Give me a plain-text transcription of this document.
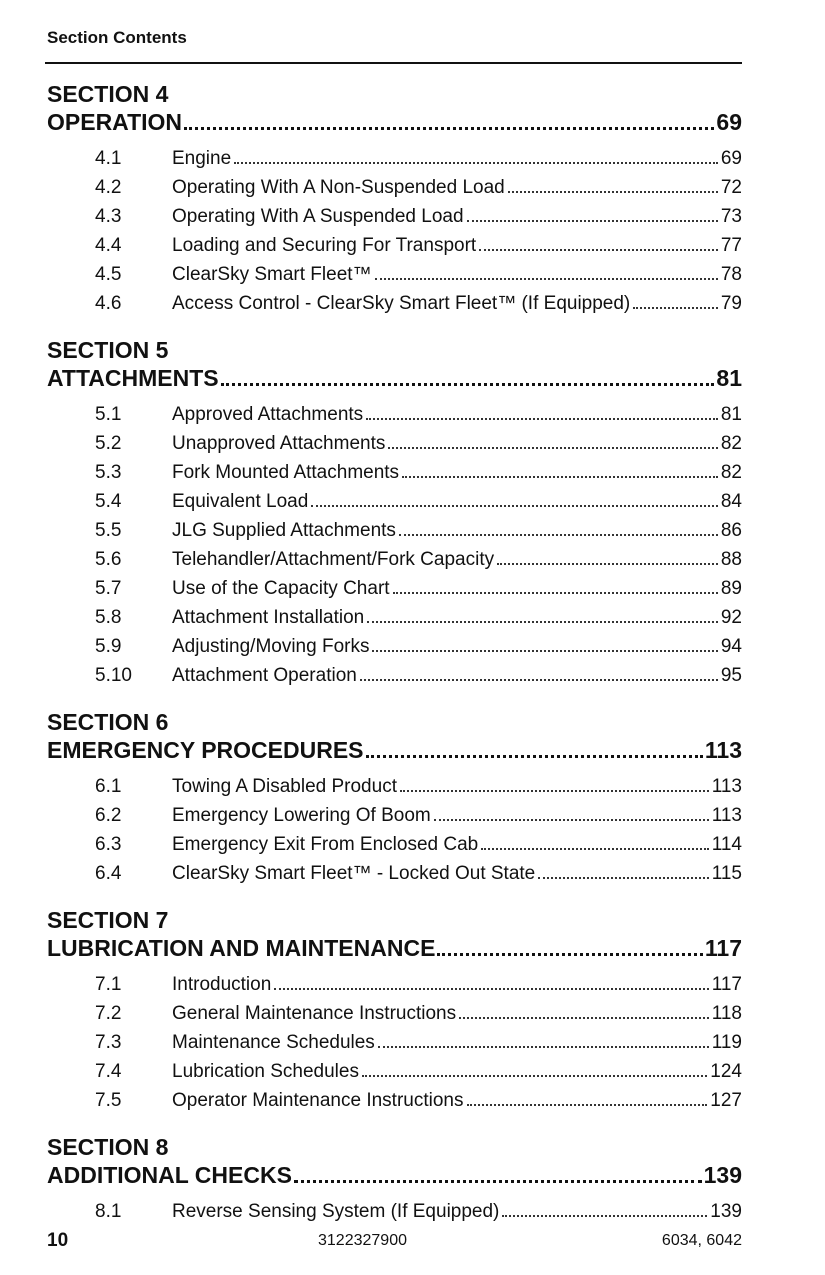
Section Contents
SECTION 4
OPERATION	69
4.1	Engine	69
4.2	Operating With A Non-Suspended Load	72
4.3	Operating With A Suspended Load	73
4.4	Loading and Securing For Transport	77
4.5	ClearSky Smart Fleet™	78
4.6	Access Control - ClearSky Smart Fleet™ (If Equipped)	79
SECTION 5
ATTACHMENTS	81
5.1	Approved Attachments	81
5.2	Unapproved Attachments	82
5.3	Fork Mounted Attachments	82
5.4	Equivalent Load	84
5.5	JLG Supplied Attachments	86
5.6	Telehandler/Attachment/Fork Capacity	88
5.7	Use of the Capacity Chart	89
5.8	Attachment Installation	92
5.9	Adjusting/Moving Forks	94
5.10	Attachment Operation	95
SECTION 6
EMERGENCY PROCEDURES	113
6.1	Towing A Disabled Product	113
6.2	Emergency Lowering Of Boom	113
6.3	Emergency Exit From Enclosed Cab	114
6.4	ClearSky Smart Fleet™ - Locked Out State	115
SECTION 7
LUBRICATION AND MAINTENANCE	117
7.1	Introduction	117
7.2	General Maintenance Instructions	118
7.3	Maintenance Schedules	119
7.4	Lubrication Schedules	124
7.5	Operator Maintenance Instructions	127
SECTION 8
ADDITIONAL CHECKS	139
8.1	Reverse Sensing System (If Equipped)	139
10	3122327900	6034, 6042
